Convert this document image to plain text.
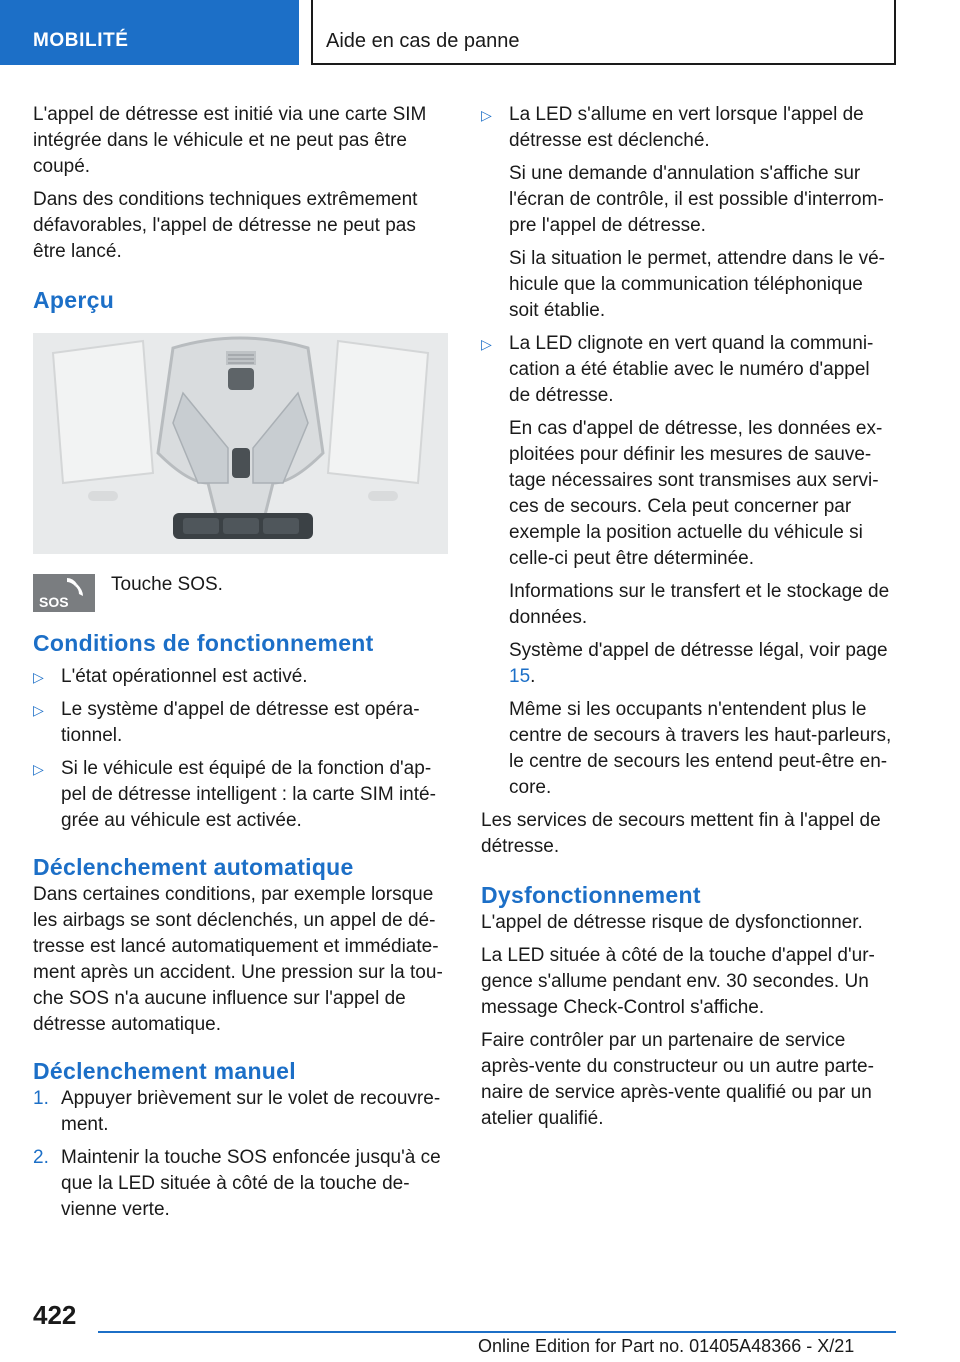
MOBILITÉ	Aide en cas de panne

L'appel de détresse est initié via une carte SIM intégrée dans le véhicule et ne peut pas être coupé.

Dans des conditions techniques extrêmement défavorables, l'appel de détresse ne peut pas être lancé.

Aperçu
SOS
Touche SOS.
Conditions de fonctionnement
▷ L'état opérationnel est activé.
▷ Le système d'appel de détresse est opérationnel.
▷ Si le véhicule est équipé de la fonction d'appel de détresse intelligent : la carte SIM intégrée au véhicule est activée.
Déclenchement automatique

Dans certaines conditions, par exemple lorsque les airbags se sont déclenchés, un appel de détresse est lancé automatiquement et immédiatement après un accident. Une pression sur la touche SOS n'a aucune influence sur l'appel de détresse automatique.

Déclenchement manuel
1. Appuyer brièvement sur le volet de recouvrement.
2. Maintenir la touche SOS enfoncée jusqu'à ce que la LED située à côté de la touche devienne verte.
▷ La LED s'allume en vert lorsque l'appel de détresse est déclenché.

Si une demande d'annulation s'affiche sur l'écran de contrôle, il est possible d'interrompre l'appel de détresse.

Si la situation le permet, attendre dans le véhicule que la communication téléphonique soit établie.

▷ La LED clignote en vert quand la communication a été établie avec le numéro d'appel de détresse.

En cas d'appel de détresse, les données exploitées pour définir les mesures de sauvetage nécessaires sont transmises aux services de secours. Cela peut concerner par exemple la position actuelle du véhicule si celle-ci peut être déterminée.

Informations sur le transfert et le stockage de données.

Système d'appel de détresse légal, voir page 15.

Même si les occupants n'entendent plus le centre de secours à travers les haut-parleurs, le centre de secours les entend peut-être encore.

Les services de secours mettent fin à l'appel de détresse.

Dysfonctionnement

L'appel de détresse risque de dysfonctionner.

La LED située à côté de la touche d'appel d'urgence s'allume pendant env. 30 secondes. Un message Check-Control s'affiche.

Faire contrôler par un partenaire de service après-vente du constructeur ou un autre partenaire de service après-vente qualifié ou par un atelier qualifié.

422
Online Edition for Part no. 01405A48366 - X/21
